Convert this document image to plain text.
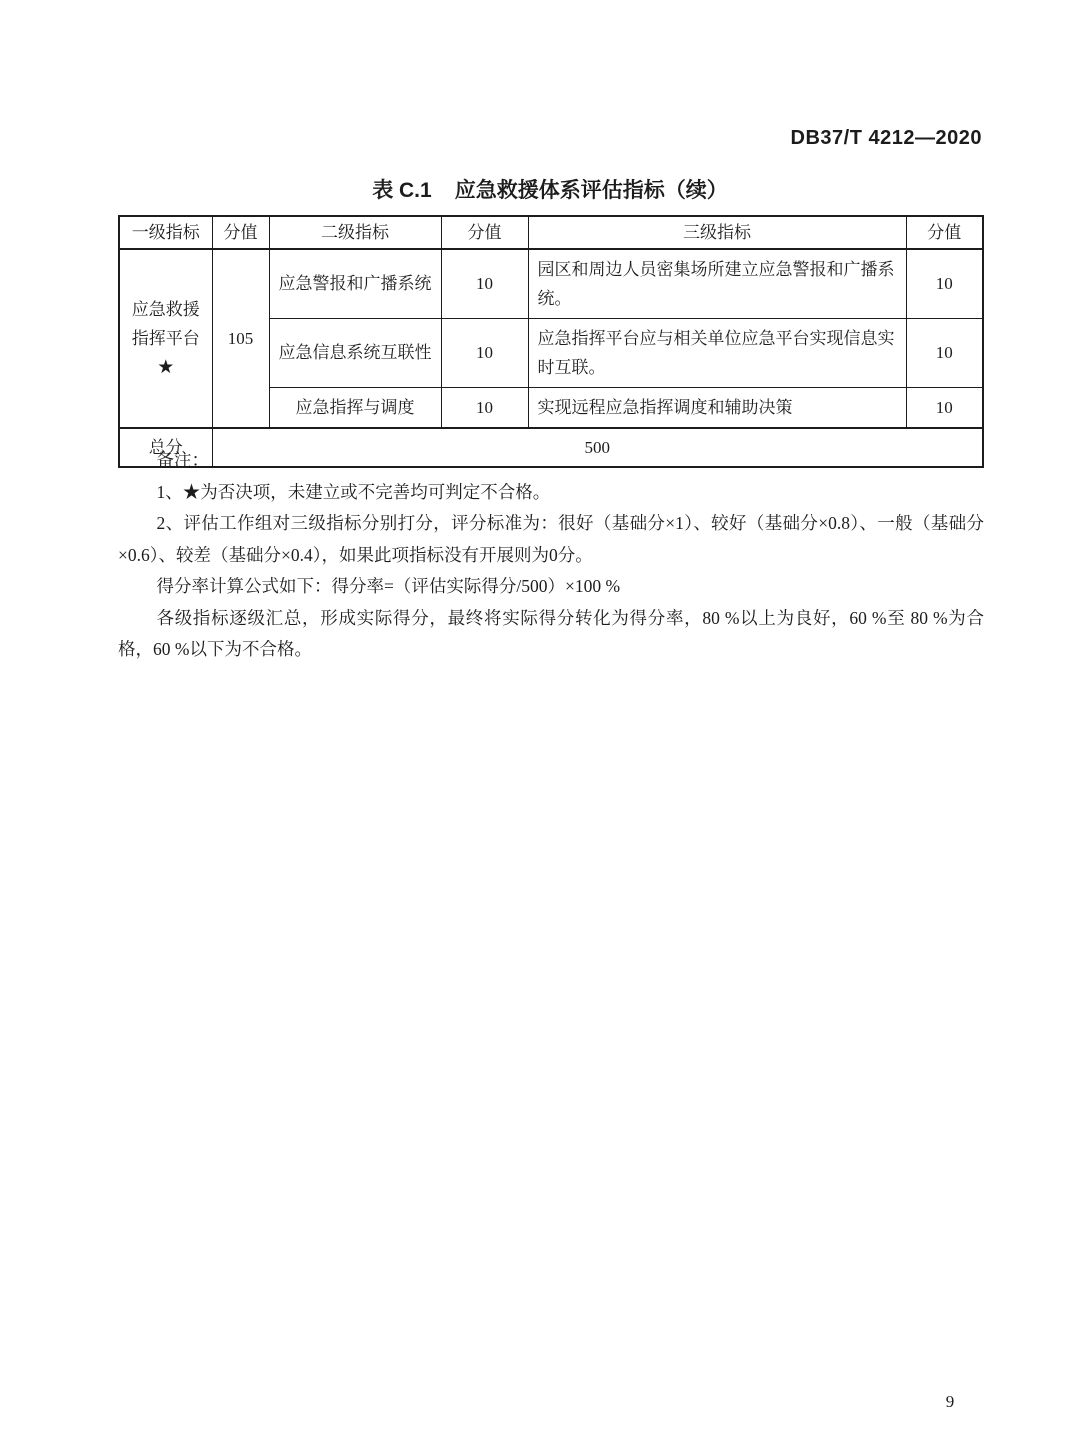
DB37/T 4212—2020
表 C.1 应急救援体系评估指标（续）
一级指标	分值	二级指标	分值	三级指标	分值

应急救援
指挥平台
★	105	应急警报和广播系统	10	园区和周边人员密集场所建立应急警报和广播系统。	10
		应急信息系统互联性	10	应急指挥平台应与相关单位应急平台实现信息实时互联。	10
		应急指挥与调度	10	实现远程应急指挥调度和辅助决策	10
总分	500				

备注：

1、★为否决项，未建立或不完善均可判定不合格。

2、评估工作组对三级指标分别打分，评分标准为：很好（基础分×1）、较好（基础分×0.8）、一般（基础分×0.6）、较差（基础分×0.4），如果此项指标没有开展则为0分。

得分率计算公式如下：得分率=（评估实际得分/500）×100 %

各级指标逐级汇总，形成实际得分，最终将实际得分转化为得分率，80 %以上为良好，60 %至 80 %为合格，60 %以下为不合格。

9
